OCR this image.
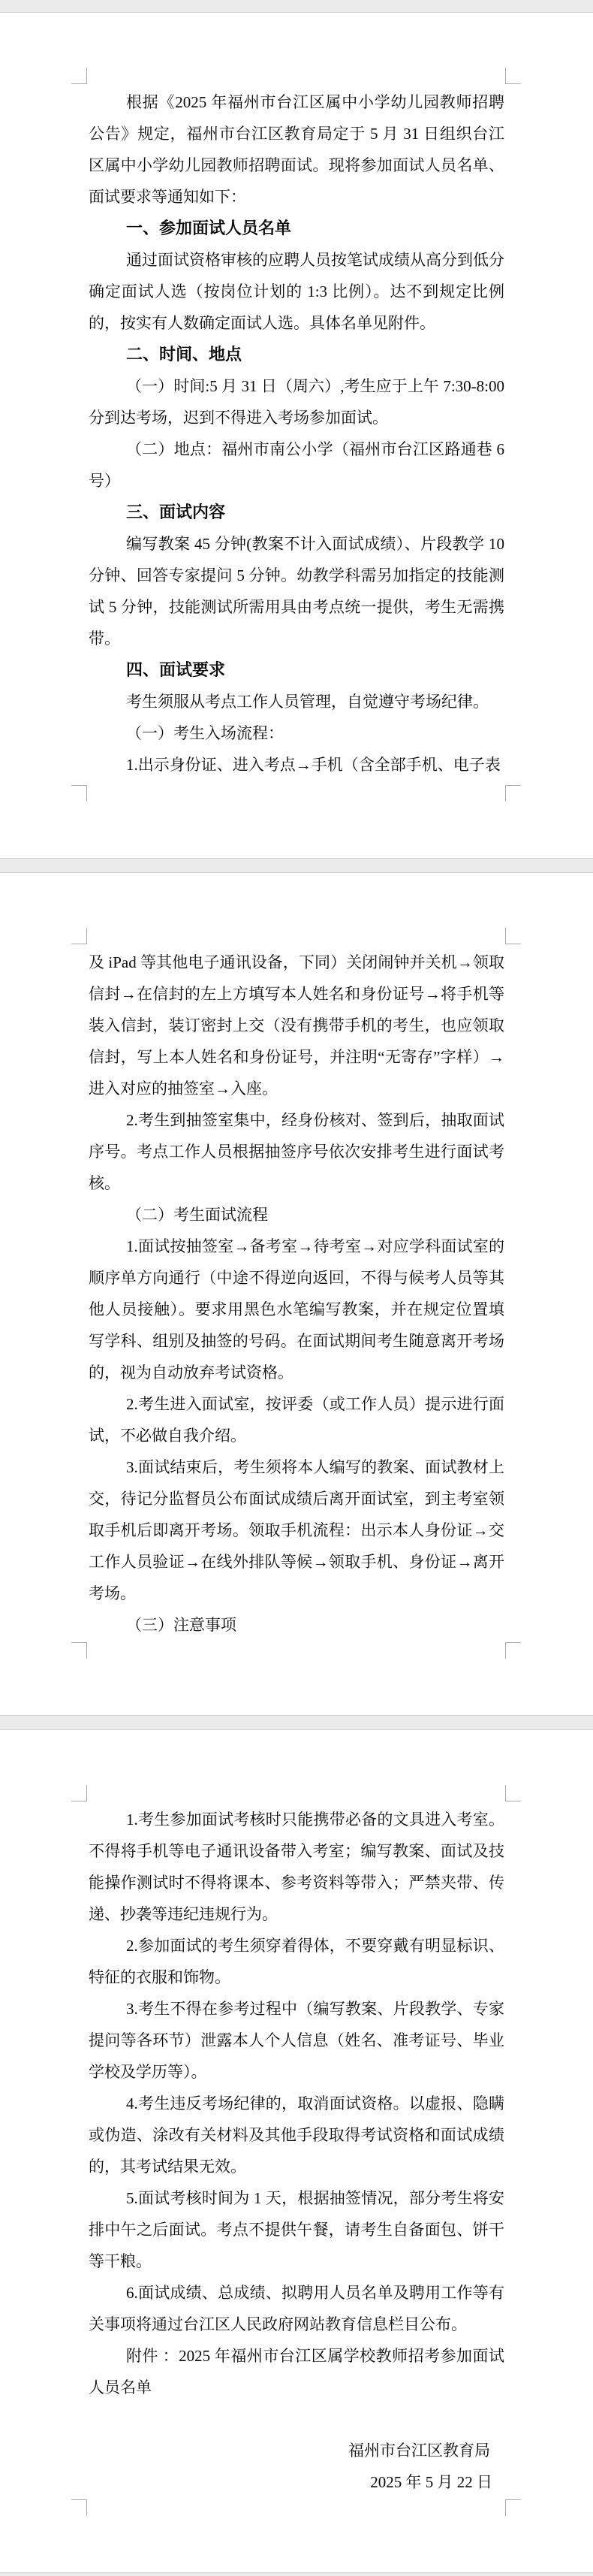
根据《2025 年福州市台江区属中小学幼儿园教师招聘公告》规定，福州市台江区教育局定于 5 月 31 日组织台江区属中小学幼儿园教师招聘面试。现将参加面试人员名单、面试要求等通知如下：

一、参加面试人员名单

通过面试资格审核的应聘人员按笔试成绩从高分到低分确定面试人选（按岗位计划的 1:3 比例）。达不到规定比例的，按实有人数确定面试人选。具体名单见附件。

二、时间、地点

（一）时间:5 月 31 日（周六）,考生应于上午 7:30-8:00 分到达考场，迟到不得进入考场参加面试。

（二）地点：福州市南公小学（福州市台江区路通巷 6 号）

三、面试内容

编写教案 45 分钟(教案不计入面试成绩）、片段教学 10 分钟、回答专家提问 5 分钟。幼教学科需另加指定的技能测试 5 分钟，技能测试所需用具由考点统一提供，考生无需携带。

四、面试要求

考生须服从考点工作人员管理，自觉遵守考场纪律。

（一）考生入场流程：

1.出示身份证、进入考点→手机（含全部手机、电子表

及 iPad 等其他电子通讯设备，下同）关闭闹钟并关机→领取信封→在信封的左上方填写本人姓名和身份证号→将手机等装入信封，装订密封上交（没有携带手机的考生，也应领取信封，写上本人姓名和身份证号，并注明“无寄存”字样）→进入对应的抽签室→入座。

2.考生到抽签室集中，经身份核对、签到后，抽取面试序号。考点工作人员根据抽签序号依次安排考生进行面试考核。

（二）考生面试流程

1.面试按抽签室→备考室→待考室→对应学科面试室的顺序单方向通行（中途不得逆向返回，不得与候考人员等其他人员接触）。要求用黑色水笔编写教案，并在规定位置填写学科、组别及抽签的号码。在面试期间考生随意离开考场的，视为自动放弃考试资格。

2.考生进入面试室，按评委（或工作人员）提示进行面试，不必做自我介绍。

3.面试结束后，考生须将本人编写的教案、面试教材上交，待记分监督员公布面试成绩后离开面试室，到主考室领取手机后即离开考场。领取手机流程：出示本人身份证→交工作人员验证→在线外排队等候→领取手机、身份证→离开考场。

（三）注意事项

1.考生参加面试考核时只能携带必备的文具进入考室。不得将手机等电子通讯设备带入考室；编写教案、面试及技能操作测试时不得将课本、参考资料等带入；严禁夹带、传递、抄袭等违纪违规行为。

2.参加面试的考生须穿着得体，不要穿戴有明显标识、特征的衣服和饰物。

3.考生不得在参考过程中（编写教案、片段教学、专家提问等各环节）泄露本人个人信息（姓名、准考证号、毕业学校及学历等）。

4.考生违反考场纪律的，取消面试资格。以虚报、隐瞒或伪造、涂改有关材料及其他手段取得考试资格和面试成绩的，其考试结果无效。

5.面试考核时间为 1 天，根据抽签情况，部分考生将安排中午之后面试。考点不提供午餐，请考生自备面包、饼干等干粮。

6.面试成绩、总成绩、拟聘用人员名单及聘用工作等有关事项将通过台江区人民政府网站教育信息栏目公布。

附件 ：2025 年福州市台江区属学校教师招考参加面试人员名单

福州市台江区教育局

2025 年 5 月 22 日
